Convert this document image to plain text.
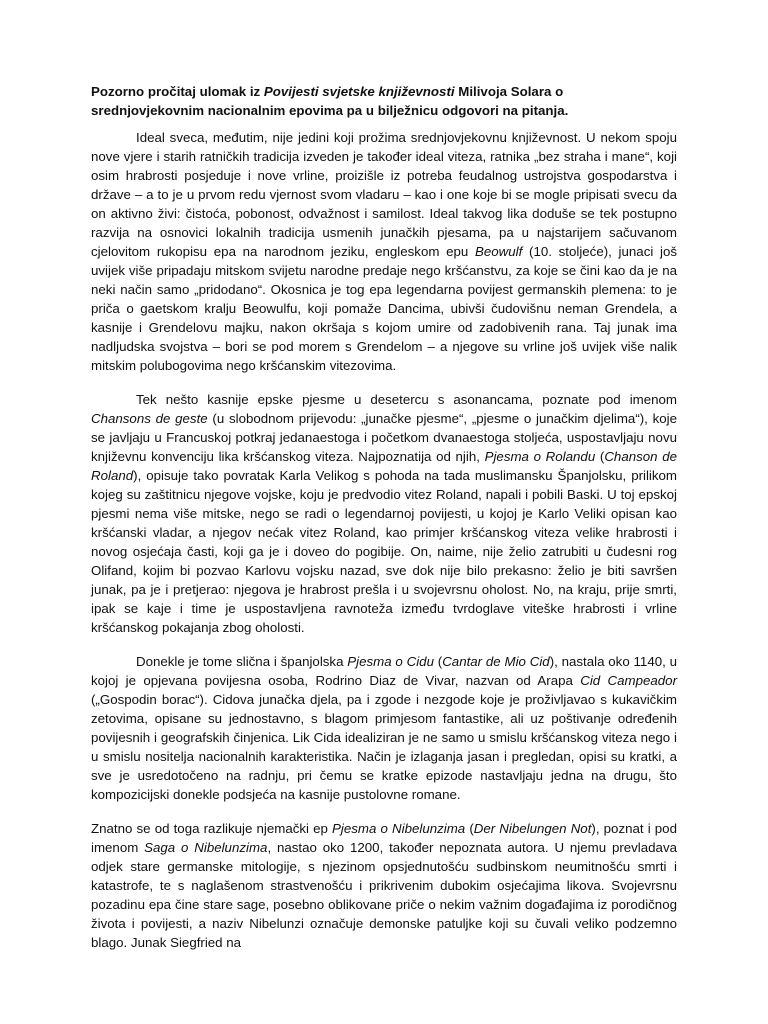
Pozorno pročitaj ulomak iz Povijesti svjetske književnosti Milivoja Solara o srednjovjekovnim nacionalnim epovima pa u bilježnicu odgovori na pitanja.

Ideal sveca, međutim, nije jedini koji prožima srednjovjekovnu književnost. U nekom spoju nove vjere i starih ratničkih tradicija izveden je također ideal viteza, ratnika „bez straha i mane“, koji osim hrabrosti posjeduje i nove vrline, proizišle iz potreba feudalnog ustrojstva gospodarstva i države – a to je u prvom redu vjernost svom vladaru – kao i one koje bi se mogle pripisati svecu da on aktivno živi: čistoća, pobonost, odvažnost i samilost. Ideal takvog lika doduše se tek postupno razvija na osnovici lokalnih tradicija usmenih junačkih pjesama, pa u najstarijem sačuvanom cjelovitom rukopisu epa na narodnom jeziku, engleskom epu Beowulf (10. stoljeće), junaci još uvijek više pripadaju mitskom svijetu narodne predaje nego kršćanstvu, za koje se čini kao da je na neki način samo „pridodano“. Okosnica je tog epa legendarna povijest germanskih plemena: to je priča o gaetskom kralju Beowulfu, koji pomaže Dancima, ubivši čudovišnu neman Grendela, a kasnije i Grendelovu majku, nakon okršaja s kojom umire od zadobivenih rana. Taj junak ima nadljudska svojstva – bori se pod morem s Grendelom – a njegove su vrline još uvijek više nalik mitskim polubogovima nego kršćanskim vitezovima.

Tek nešto kasnije epske pjesme u desetercu s asonancama, poznate pod imenom Chansons de geste (u slobodnom prijevodu: „junačke pjesme“, „pjesme o junačkim djelima“), koje se javljaju u Francuskoj potkraj jedanaestoga i početkom dvanaestoga stoljeća, uspostavljaju novu književnu konvenciju lika kršćanskog viteza. Najpoznatija od njih, Pjesma o Rolandu (Chanson de Roland), opisuje tako povratak Karla Velikog s pohoda na tada muslimansku Španjolsku, prilikom kojeg su zaštitnicu njegove vojske, koju je predvodio vitez Roland, napali i pobili Baski. U toj epskoj pjesmi nema više mitske, nego se radi o legendarnoj povijesti, u kojoj je Karlo Veliki opisan kao kršćanski vladar, a njegov nećak vitez Roland, kao primjer kršćanskog viteza velike hrabrosti i novog osjećaja časti, koji ga je i doveo do pogibije. On, naime, nije želio zatrubiti u čudesni rog Olifand, kojim bi pozvao Karlovu vojsku nazad, sve dok nije bilo prekasno: želio je biti savršen junak, pa je i pretjerao: njegova je hrabrost prešla i u svojevrsnu oholost. No, na kraju, prije smrti, ipak se kaje i time je uspostavljena ravnoteža između tvrdoglave viteške hrabrosti i vrline kršćanskog pokajanja zbog oholosti.

Donekle je tome slična i španjolska Pjesma o Cidu (Cantar de Mio Cid), nastala oko 1140, u kojoj je opjevana povijesna osoba, Rodrino Diaz de Vivar, nazvan od Arapa Cid Campeador („Gospodin borac“). Cidova junačka djela, pa i zgode i nezgode koje je proživljavao s kukavičkim zetovima, opisane su jednostavno, s blagom primjesom fantastike, ali uz poštivanje određenih povijesnih i geografskih činjenica. Lik Cida idealiziran je ne samo u smislu kršćanskog viteza nego i u smislu nositelja nacionalnih karakteristika. Način je izlaganja jasan i pregledan, opisi su kratki, a sve je usredotočeno na radnju, pri čemu se kratke epizode nastavljaju jedna na drugu, što kompozicijski donekle podsjeća na kasnije pustolovne romane.

Znatno se od toga razlikuje njemački ep Pjesma o Nibelunzima (Der Nibelungen Not), poznat i pod imenom Saga o Nibelunzima, nastao oko 1200, također nepoznata autora. U njemu prevladava odjek stare germanske mitologije, s njezinom opsjednutošću sudbinskom neumitnošću smrti i katastrofe, te s naglašenom strastvenošću i prikrivenim dubokim osjećajima likova. Svojevrsnu pozadinu epa čine stare sage, posebno oblikovane priče o nekim važnim događajima iz porodičnog života i povijesti, a naziv Nibelunzi označuje demonske patuljke koji su čuvali veliko podzemno blago. Junak Siegfried na
